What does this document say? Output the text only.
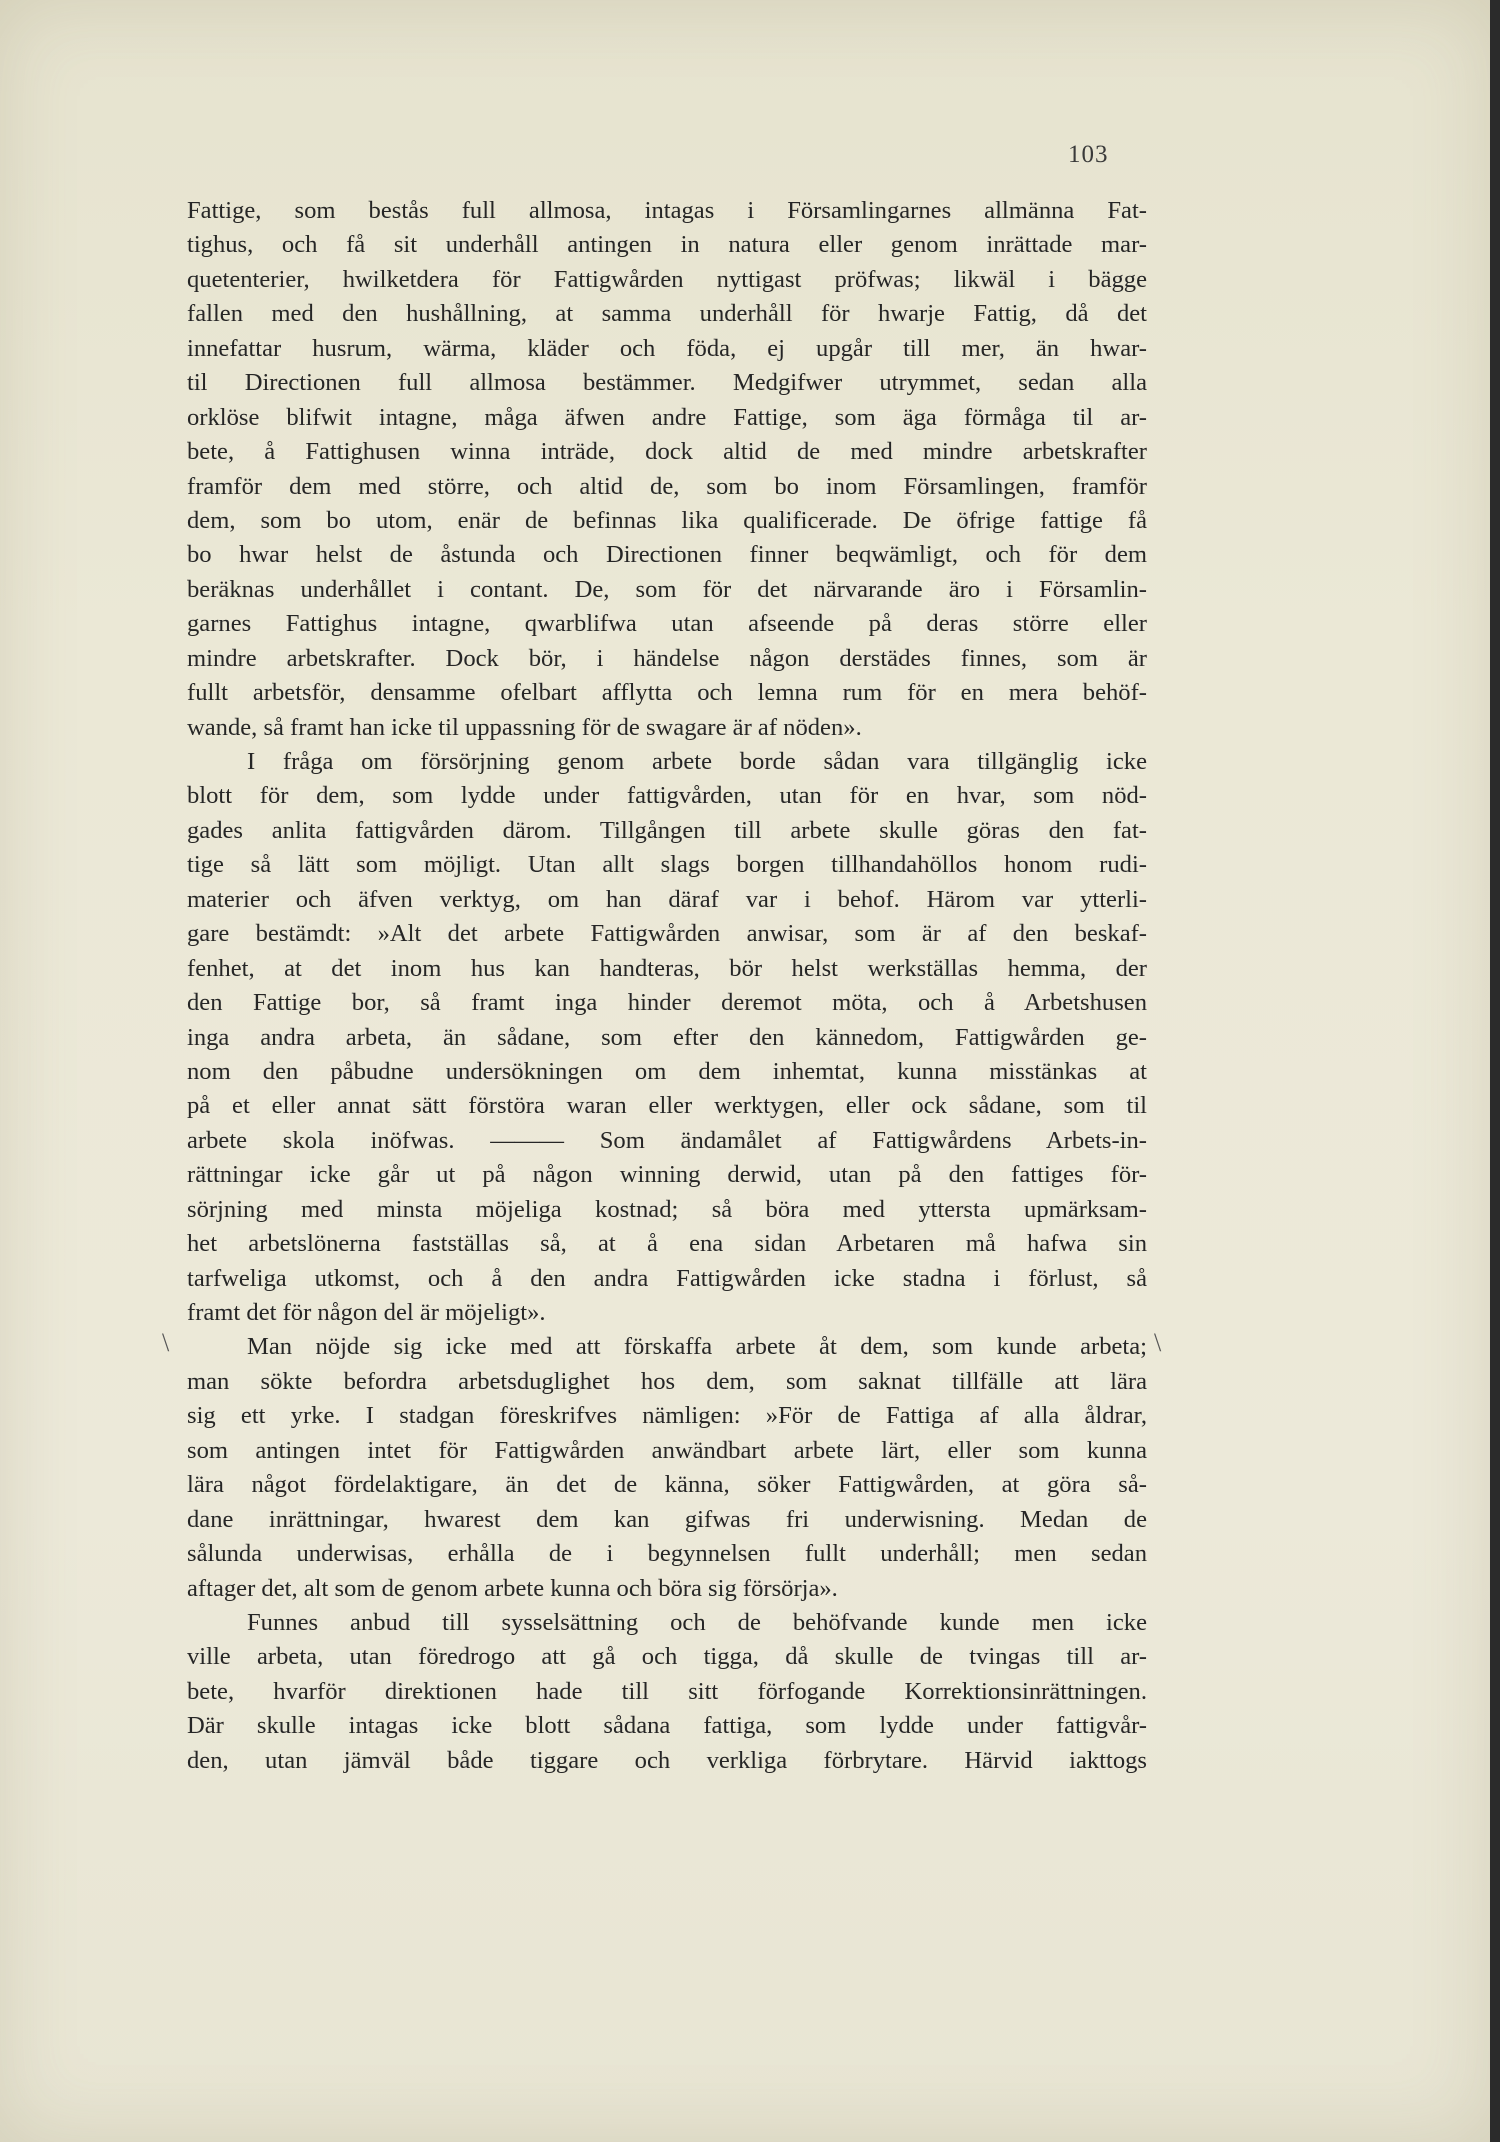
103
\	\
Fattige, som bestås full allmosa, intagas i Församlingarnes allmänna Fat-
tighus, och få sit underhåll antingen in natura eller genom inrättade mar-
quetenterier, hwilketdera för Fattigwården nyttigast pröfwas; likwäl i bägge
fallen med den hushållning, at samma underhåll för hwarje Fattig, då det
innefattar husrum, wärma, kläder och föda, ej upgår till mer, än hwar-
til Directionen full allmosa bestämmer. Medgifwer utrymmet, sedan alla
orklöse blifwit intagne, måga äfwen andre Fattige, som äga förmåga til ar-
bete, å Fattighusen winna inträde, dock altid de med mindre arbetskrafter
framför dem med större, och altid de, som bo inom Församlingen, framför
dem, som bo utom, enär de befinnas lika qualificerade. De öfrige fattige få
bo hwar helst de åstunda och Directionen finner beqwämligt, och för dem
beräknas underhållet i contant. De, som för det närvarande äro i Församlin-
garnes Fattighus intagne, qwarblifwa utan afseende på deras större eller
mindre arbetskrafter. Dock bör, i händelse någon derstädes finnes, som är
fullt arbetsför, densamme ofelbart afflytta och lemna rum för en mera behöf-
wande, så framt han icke til uppassning för de swagare är af nöden».
I fråga om försörjning genom arbete borde sådan vara tillgänglig icke
blott för dem, som lydde under fattigvården, utan för en hvar, som nöd-
gades anlita fattigvården därom. Tillgången till arbete skulle göras den fat-
tige så lätt som möjligt. Utan allt slags borgen tillhandahöllos honom rudi-
materier och äfven verktyg, om han däraf var i behof. Härom var ytterli-
gare bestämdt: »Alt det arbete Fattigwården anwisar, som är af den beskaf-
fenhet, at det inom hus kan handteras, bör helst werkställas hemma, der
den Fattige bor, så framt inga hinder deremot möta, och å Arbetshusen
inga andra arbeta, än sådane, som efter den kännedom, Fattigwården ge-
nom den påbudne undersökningen om dem inhemtat, kunna misstänkas at
på et eller annat sätt förstöra waran eller werktygen, eller ock sådane, som til
arbete skola inöfwas. ——— Som ändamålet af Fattigwårdens Arbets-in-
rättningar icke går ut på någon winning derwid, utan på den fattiges för-
sörjning med minsta möjeliga kostnad; så böra med yttersta upmärksam-
het arbetslönerna fastställas så, at å ena sidan Arbetaren må hafwa sin
tarfweliga utkomst, och å den andra Fattigwården icke stadna i förlust, så
framt det för någon del är möjeligt».
Man nöjde sig icke med att förskaffa arbete åt dem, som kunde arbeta;
man sökte befordra arbetsduglighet hos dem, som saknat tillfälle att lära
sig ett yrke. I stadgan föreskrifves nämligen: »För de Fattiga af alla åldrar,
som antingen intet för Fattigwården anwändbart arbete lärt, eller som kunna
lära något fördelaktigare, än det de känna, söker Fattigwården, at göra så-
dane inrättningar, hwarest dem kan gifwas fri underwisning. Medan de
sålunda underwisas, erhålla de i begynnelsen fullt underhåll; men sedan
aftager det, alt som de genom arbete kunna och böra sig försörja».
Funnes anbud till sysselsättning och de behöfvande kunde men icke
ville arbeta, utan föredrogo att gå och tigga, då skulle de tvingas till ar-
bete, hvarför direktionen hade till sitt förfogande Korrektionsinrättningen.
Där skulle intagas icke blott sådana fattiga, som lydde under fattigvår-
den, utan jämväl både tiggare och verkliga förbrytare. Härvid iakttogs
